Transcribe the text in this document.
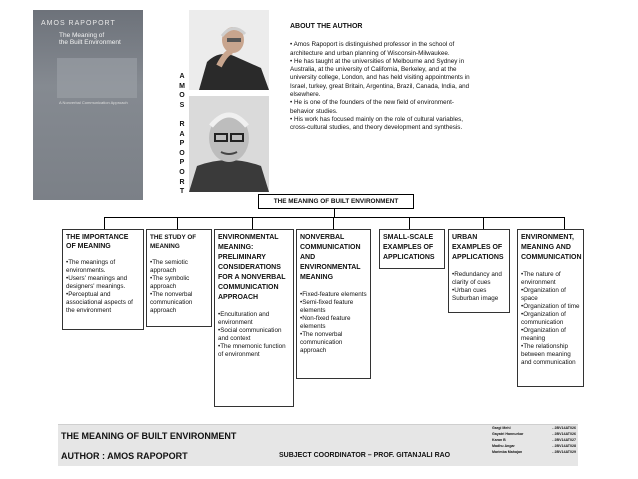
AMOS RAPOPORT
The Meaning of
the Built Environment
A Nonverbal Communication Approach
A
M
O
S

R
A
P
O
P
O
R
T
ABOUT THE AUTHOR
• Amos Rapoport is distinguished professor in the school of architecture and urban planning of Wisconsin-Milwaukee.
• He has taught at the universities of Melbourne and Sydney in Australia, at the university of California, Berkeley, and at the university college, London, and has held visiting appointments in Israel, turkey, great Britain, Argentina, Brazil, Canada, India, and elsewhere.
• He is one of the founders of the new field of environment-behavior studies.
• His work has focused mainly on the role of cultural variables, cross-cultural studies, and theory development and synthesis.
THE MEANING OF BUILT ENVIRONMENT
THE IMPORTANCE OF MEANING
•The meanings of environments.
•Users' meanings and designers' meanings.
•Perceptual and associational aspects of the environment
THE STUDY OF MEANING
•The semiotic approach
•The symbolic approach
•The nonverbal communication approach
ENVIRONMENTAL MEANING: PRELIMINARY CONSIDERATIONS FOR A NONVERBAL COMMUNICATION APPROACH
•Enculturation and environment
•Social communication and context
•The mnemonic function of environment
NONVERBAL COMMUNICATION AND ENVIRONMENTAL MEANING
•Fixed-feature elements
•Semi-fixed feature elements
•Non-fixed feature elements
•The nonverbal communication approach
SMALL-SCALE EXAMPLES OF APPLICATIONS
URBAN EXAMPLES OF APPLICATIONS
•Redundancy and clarity of cues
•Urban cues
Suburban image
ENVIRONMENT, MEANING AND COMMUNICATION
•The nature of environment
•Organization of space
•Organization of time
•Organization of communication
•Organization of meaning
•The relationship between meaning and communication
THE MEANING OF BUILT ENVIRONMENT
AUTHOR : AMOS RAPOPORT	SUBJECT COORDINATOR – PROF. GITANJALI RAO
Gargi Mehl	- 2BV14AT026
Gayatri Hannurkar	- 2BV14AT026
Karan B	- 2BV14AT027
Madhu Angar	- 2BV14AT028
Marimba Mahajan	- 2BV14AT029
